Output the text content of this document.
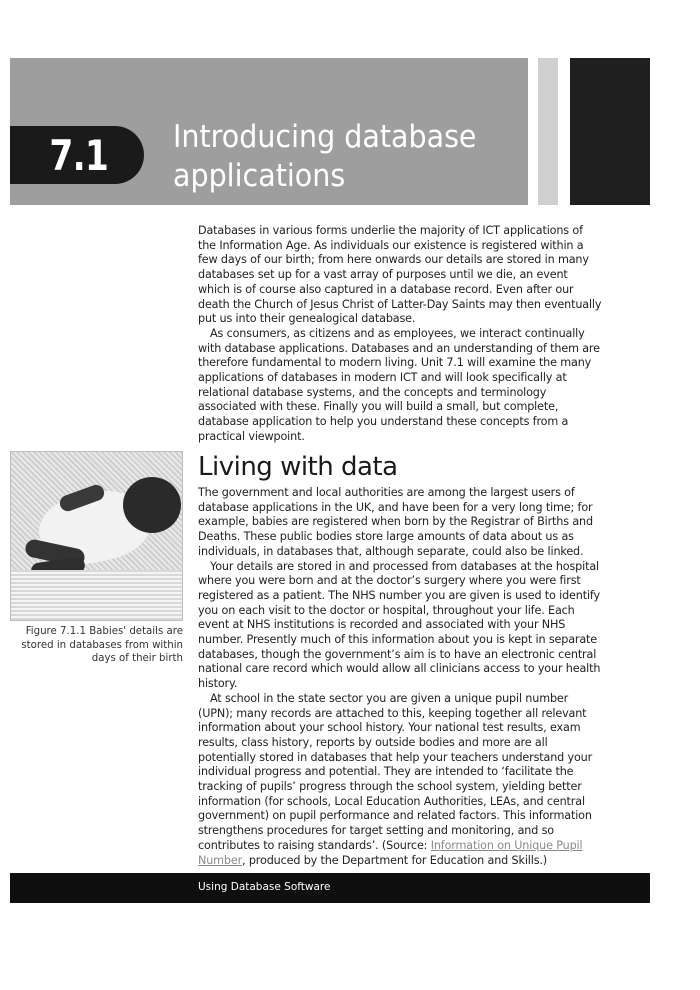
7.1 Introducing database
applications

Databases in various forms underlie the majority of ICT applications of the Information Age. As individuals our existence is registered within a few days of our birth; from here onwards our details are stored in many databases set up for a vast array of purposes until we die, an event which is of course also captured in a database record. Even after our death the Church of Jesus Christ of Latter-Day Saints may then eventually put us into their genealogical database.

As consumers, as citizens and as employees, we interact continually with database applications. Databases and an understanding of them are therefore fundamental to modern living. Unit 7.1 will examine the many applications of databases in modern ICT and will look specifically at relational database systems, and the concepts and terminology associated with these. Finally you will build a small, but complete, database application to help you understand these concepts from a practical viewpoint.

Figure 7.1.1 Babies' details are stored in databases from within days of their birth
Living with data

The government and local authorities are among the largest users of database applications in the UK, and have been for a very long time; for example, babies are registered when born by the Registrar of Births and Deaths. These public bodies store large amounts of data about us as individuals, in databases that, although separate, could also be linked.

Your details are stored in and processed from databases at the hospital where you were born and at the doctor’s surgery where you were first registered as a patient. The NHS number you are given is used to identify you on each visit to the doctor or hospital, throughout your life. Each event at NHS institutions is recorded and associated with your NHS number. Presently much of this information about you is kept in separate databases, though the government’s aim is to have an electronic central national care record which would allow all clinicians access to your health history.

At school in the state sector you are given a unique pupil number (UPN); many records are attached to this, keeping together all relevant information about your school history. Your national test results, exam results, class history, reports by outside bodies and more are all potentially stored in databases that help your teachers understand your individual progress and potential. They are intended to ‘facilitate the tracking of pupils’ progress through the school system, yielding better information (for schools, Local Education Authorities, LEAs, and central government) on pupil performance and related factors. This information strengthens procedures for target setting and monitoring, and so contributes to raising standards’. (Source: Information on Unique Pupil Number, produced by the Department for Education and Skills.)

Using Database Software
